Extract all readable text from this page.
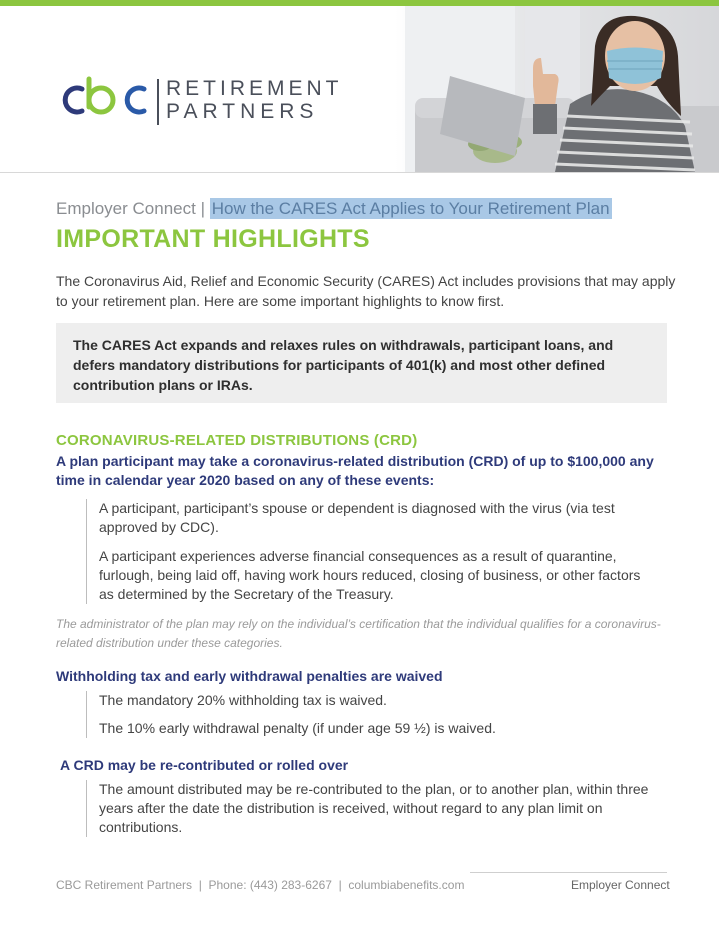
RETIREMENT
PARTNERS
Employer Connect | How the CARES Act Applies to Your Retirement Plan
IMPORTANT HIGHLIGHTS
The Coronavirus Aid, Relief and Economic Security (CARES) Act includes provisions that may apply to your retirement plan. Here are some important highlights to know first.
The CARES Act expands and relaxes rules on withdrawals, participant loans, and defers mandatory distributions for participants of 401(k) and most other defined contribution plans or IRAs.
CORONAVIRUS-RELATED DISTRIBUTIONS (CRD)
A plan participant may take a coronavirus-related distribution (CRD) of up to $100,000 any time in calendar year 2020 based on any of these events:
A participant, participant’s spouse or dependent is diagnosed with the virus (via test approved by CDC).
A participant experiences adverse financial consequences as a result of quarantine, furlough, being laid off, having work hours reduced, closing of business, or other factors as determined by the Secretary of the Treasury.
The administrator of the plan may rely on the individual’s certification that the individual qualifies for a coronavirus-related distribution under these categories.
Withholding tax and early withdrawal penalties are waived
The mandatory 20% withholding tax is waived.
The 10% early withdrawal penalty (if under age 59 ½) is waived.
A CRD may be re-contributed or rolled over
The amount distributed may be re-contributed to the plan, or to another plan, within three years after the date the distribution is received, without regard to any plan limit on contributions.
CBC Retirement Partners  |  Phone: (443) 283-6267  |  columbiabenefits.com	Employer Connect
